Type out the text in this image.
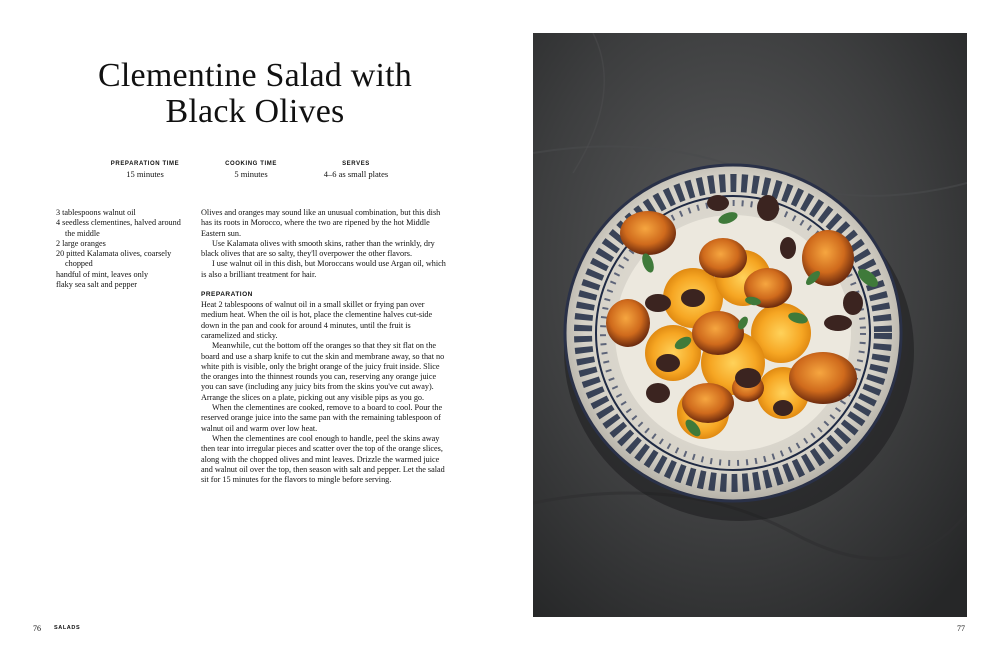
Clementine Salad with
Black Olives
PREPARATION TIME
15 minutes
COOKING TIME
5 minutes
SERVES
4–6 as small plates
3 tablespoons walnut oil
4 seedless clementines, halved around the middle
2 large oranges
20 pitted Kalamata olives, coarsely chopped
handful of mint, leaves only
flaky sea salt and pepper

Olives and oranges may sound like an unusual combination, but this dish has its roots in Morocco, where the two are ripened by the hot Middle Eastern sun.

Use Kalamata olives with smooth skins, rather than the wrinkly, dry black olives that are so salty, they'll overpower the other flavors.

I use walnut oil in this dish, but Moroccans would use Argan oil, which is also a brilliant treatment for hair.

PREPARATION

Heat 2 tablespoons of walnut oil in a small skillet or frying pan over medium heat. When the oil is hot, place the clementine halves cut-side down in the pan and cook for around 4 minutes, until the fruit is caramelized and sticky.

Meanwhile, cut the bottom off the oranges so that they sit flat on the board and use a sharp knife to cut the skin and membrane away, so that no white pith is visible, only the bright orange of the juicy fruit inside. Slice the oranges into the thinnest rounds you can, reserving any orange juice you can save (including any juicy bits from the skins you've cut away). Arrange the slices on a plate, picking out any visible pips as you go.

When the clementines are cooked, remove to a board to cool. Pour the reserved orange juice into the same pan with the remaining tablespoon of walnut oil and warm over low heat.

When the clementines are cool enough to handle, peel the skins away then tear into irregular pieces and scatter over the top of the orange slices, along with the chopped olives and mint leaves. Drizzle the warmed juice and walnut oil over the top, then season with salt and pepper. Let the salad sit for 15 minutes for the flavors to mingle before serving.

76 SALADS	77
